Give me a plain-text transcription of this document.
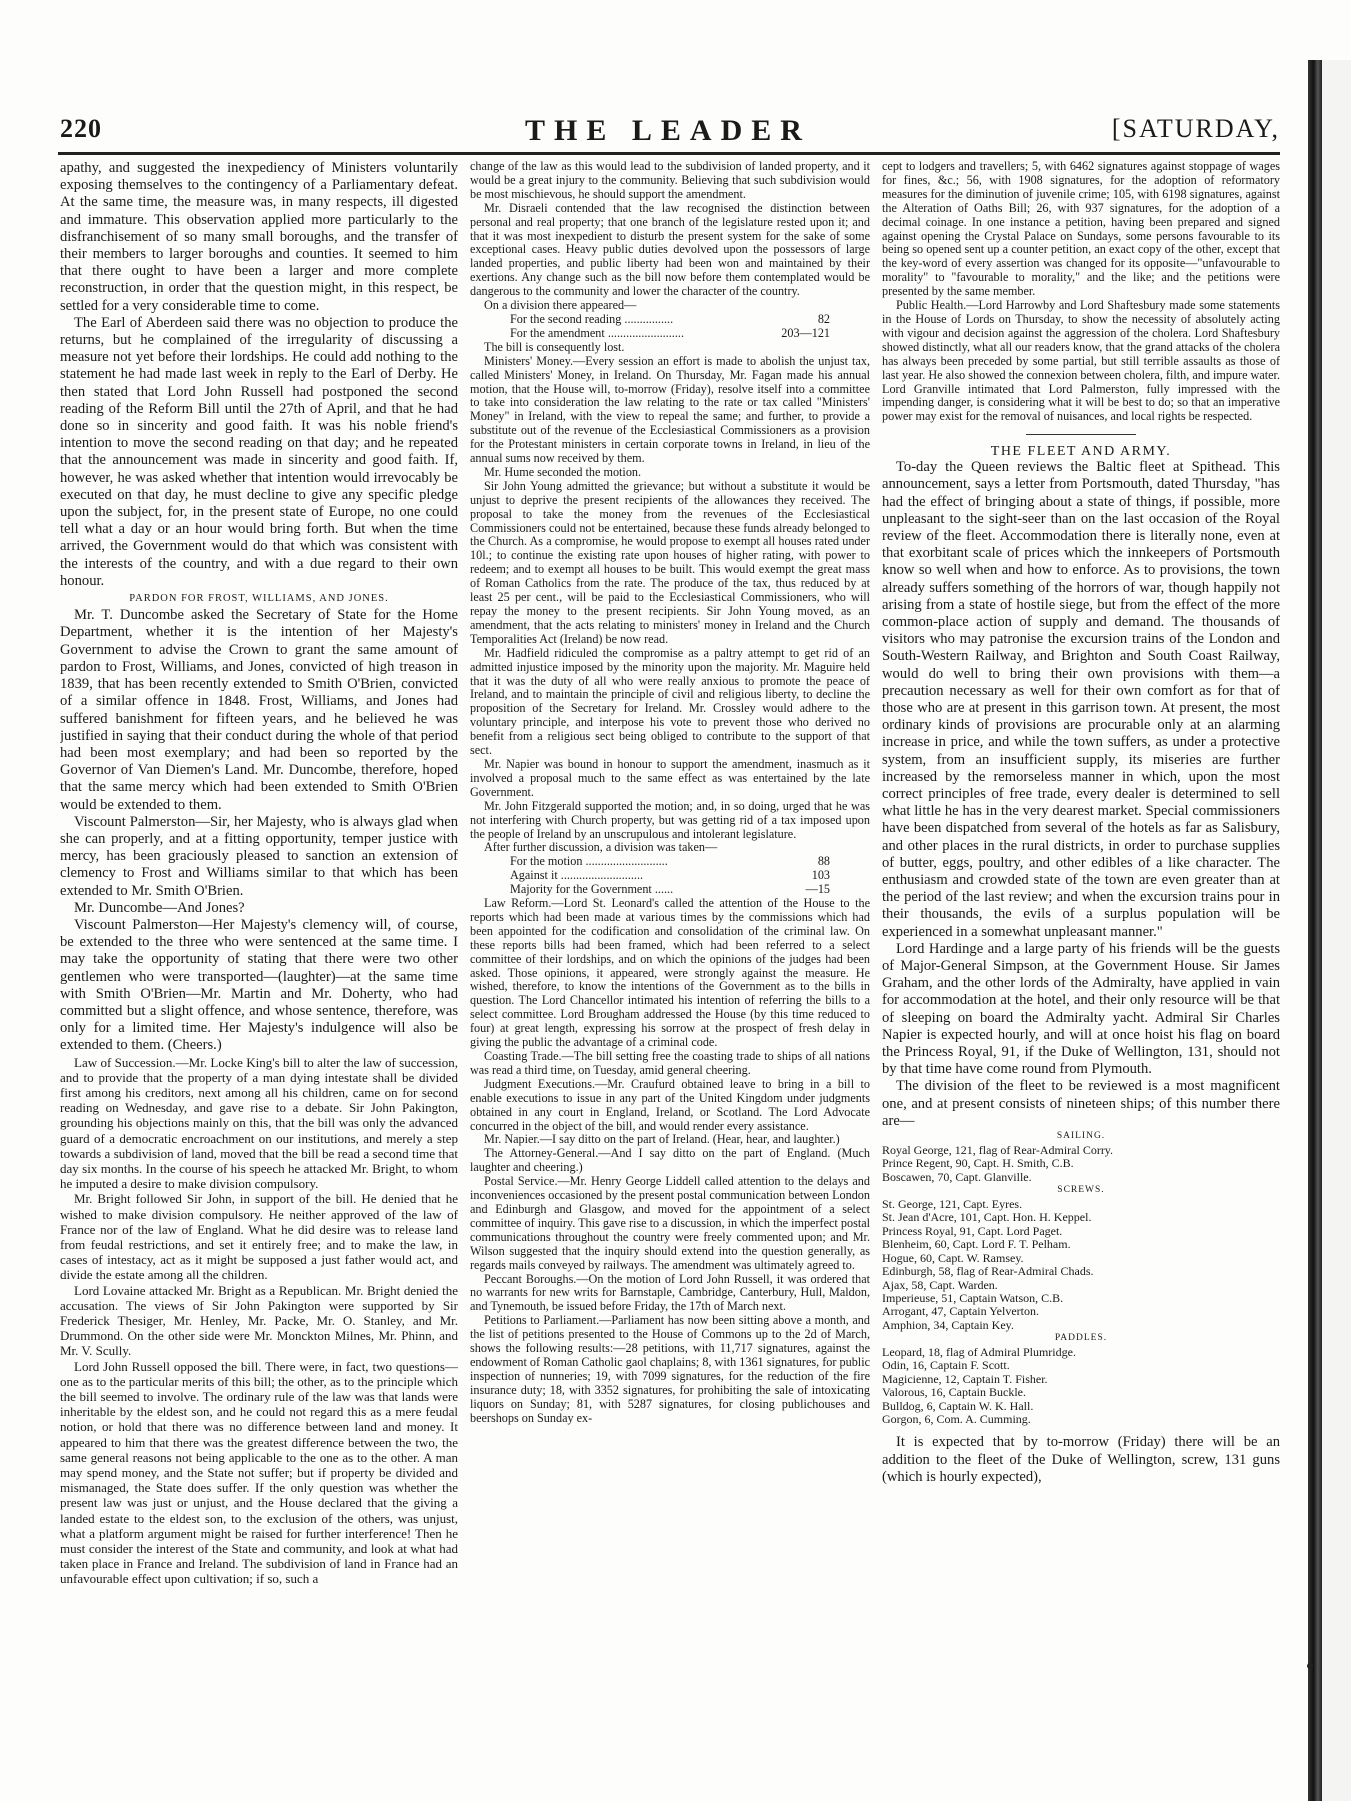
220	THE LEADER	[SATURDAY,

apathy, and suggested the inexpediency of Ministers voluntarily exposing themselves to the contingency of a Parliamentary defeat. At the same time, the measure was, in many respects, ill digested and immature. This observation applied more particularly to the disfranchisement of so many small boroughs, and the transfer of their members to larger boroughs and counties. It seemed to him that there ought to have been a larger and more complete reconstruction, in order that the question might, in this respect, be settled for a very considerable time to come.

The Earl of Aberdeen said there was no objection to produce the returns, but he complained of the irregularity of discussing a measure not yet before their lordships. He could add nothing to the statement he had made last week in reply to the Earl of Derby. He then stated that Lord John Russell had postponed the second reading of the Reform Bill until the 27th of April, and that he had done so in sincerity and good faith. It was his noble friend's intention to move the second reading on that day; and he repeated that the announcement was made in sincerity and good faith. If, however, he was asked whether that intention would irrevocably be executed on that day, he must decline to give any specific pledge upon the subject, for, in the present state of Europe, no one could tell what a day or an hour would bring forth. But when the time arrived, the Government would do that which was consistent with the interests of the country, and with a due regard to their own honour.

PARDON FOR FROST, WILLIAMS, AND JONES.

Mr. T. Duncombe asked the Secretary of State for the Home Department, whether it is the intention of her Majesty's Government to advise the Crown to grant the same amount of pardon to Frost, Williams, and Jones, convicted of high treason in 1839, that has been recently extended to Smith O'Brien, convicted of a similar offence in 1848. Frost, Williams, and Jones had suffered banishment for fifteen years, and he believed he was justified in saying that their conduct during the whole of that period had been most exemplary; and had been so reported by the Governor of Van Diemen's Land. Mr. Duncombe, therefore, hoped that the same mercy which had been extended to Smith O'Brien would be extended to them.

Viscount Palmerston—Sir, her Majesty, who is always glad when she can properly, and at a fitting opportunity, temper justice with mercy, has been graciously pleased to sanction an extension of clemency to Frost and Williams similar to that which has been extended to Mr. Smith O'Brien.

Mr. Duncombe—And Jones?

Viscount Palmerston—Her Majesty's clemency will, of course, be extended to the three who were sentenced at the same time. I may take the opportunity of stating that there were two other gentlemen who were transported—(laughter)—at the same time with Smith O'Brien—Mr. Martin and Mr. Doherty, who had committed but a slight offence, and whose sentence, therefore, was only for a limited time. Her Majesty's indulgence will also be extended to them. (Cheers.)

Law of Succession.—Mr. Locke King's bill to alter the law of succession, and to provide that the property of a man dying intestate shall be divided first among his creditors, next among all his children, came on for second reading on Wednesday, and gave rise to a debate. Sir John Pakington, grounding his objections mainly on this, that the bill was only the advanced guard of a democratic encroachment on our institutions, and merely a step towards a subdivision of land, moved that the bill be read a second time that day six months. In the course of his speech he attacked Mr. Bright, to whom he imputed a desire to make division compulsory.

Mr. Bright followed Sir John, in support of the bill. He denied that he wished to make division compulsory. He neither approved of the law of France nor of the law of England. What he did desire was to release land from feudal restrictions, and set it entirely free; and to make the law, in cases of intestacy, act as it might be supposed a just father would act, and divide the estate among all the children.

Lord Lovaine attacked Mr. Bright as a Republican. Mr. Bright denied the accusation. The views of Sir John Pakington were supported by Sir Frederick Thesiger, Mr. Henley, Mr. Packe, Mr. O. Stanley, and Mr. Drummond. On the other side were Mr. Monckton Milnes, Mr. Phinn, and Mr. V. Scully.

Lord John Russell opposed the bill. There were, in fact, two questions—one as to the particular merits of this bill; the other, as to the principle which the bill seemed to involve. The ordinary rule of the law was that lands were inheritable by the eldest son, and he could not regard this as a mere feudal notion, or hold that there was no difference between land and money. It appeared to him that there was the greatest difference between the two, the same general reasons not being applicable to the one as to the other. A man may spend money, and the State not suffer; but if property be divided and mismanaged, the State does suffer. If the only question was whether the present law was just or unjust, and the House declared that the giving a landed estate to the eldest son, to the exclusion of the others, was unjust, what a platform argument might be raised for further interference! Then he must consider the interest of the State and community, and look at what had taken place in France and Ireland. The subdivision of land in France had an unfavourable effect upon cultivation; if so, such a

change of the law as this would lead to the subdivision of landed property, and it would be a great injury to the community. Believing that such subdivision would be most mischievous, he should support the amendment.

Mr. Disraeli contended that the law recognised the distinction between personal and real property; that one branch of the legislature rested upon it; and that it was most inexpedient to disturb the present system for the sake of some exceptional cases. Heavy public duties devolved upon the possessors of large landed properties, and public liberty had been won and maintained by their exertions. Any change such as the bill now before them contemplated would be dangerous to the community and lower the character of the country.

On a division there appeared—

For the second reading ................	82
For the amendment .........................	203—121

The bill is consequently lost.

Ministers' Money.—Every session an effort is made to abolish the unjust tax, called Ministers' Money, in Ireland. On Thursday, Mr. Fagan made his annual motion, that the House will, to-morrow (Friday), resolve itself into a committee to take into consideration the law relating to the rate or tax called "Ministers' Money" in Ireland, with the view to repeal the same; and further, to provide a substitute out of the revenue of the Ecclesiastical Commissioners as a provision for the Protestant ministers in certain corporate towns in Ireland, in lieu of the annual sums now received by them.

Mr. Hume seconded the motion.

Sir John Young admitted the grievance; but without a substitute it would be unjust to deprive the present recipients of the allowances they received. The proposal to take the money from the revenues of the Ecclesiastical Commissioners could not be entertained, because these funds already belonged to the Church. As a compromise, he would propose to exempt all houses rated under 10l.; to continue the existing rate upon houses of higher rating, with power to redeem; and to exempt all houses to be built. This would exempt the great mass of Roman Catholics from the rate. The produce of the tax, thus reduced by at least 25 per cent., will be paid to the Ecclesiastical Commissioners, who will repay the money to the present recipients. Sir John Young moved, as an amendment, that the acts relating to ministers' money in Ireland and the Church Temporalities Act (Ireland) be now read.

Mr. Hadfield ridiculed the compromise as a paltry attempt to get rid of an admitted injustice imposed by the minority upon the majority. Mr. Maguire held that it was the duty of all who were really anxious to promote the peace of Ireland, and to maintain the principle of civil and religious liberty, to decline the proposition of the Secretary for Ireland. Mr. Crossley would adhere to the voluntary principle, and interpose his vote to prevent those who derived no benefit from a religious sect being obliged to contribute to the support of that sect.

Mr. Napier was bound in honour to support the amendment, inasmuch as it involved a proposal much to the same effect as was entertained by the late Government.

Mr. John Fitzgerald supported the motion; and, in so doing, urged that he was not interfering with Church property, but was getting rid of a tax imposed upon the people of Ireland by an unscrupulous and intolerant legislature.

After further discussion, a division was taken—

For the motion ...........................	88
Against it ...........................	103
Majority for the Government ......	—15

Law Reform.—Lord St. Leonard's called the attention of the House to the reports which had been made at various times by the commissions which had been appointed for the codification and consolidation of the criminal law. On these reports bills had been framed, which had been referred to a select committee of their lordships, and on which the opinions of the judges had been asked. Those opinions, it appeared, were strongly against the measure. He wished, therefore, to know the intentions of the Government as to the bills in question. The Lord Chancellor intimated his intention of referring the bills to a select committee. Lord Brougham addressed the House (by this time reduced to four) at great length, expressing his sorrow at the prospect of fresh delay in giving the public the advantage of a criminal code.

Coasting Trade.—The bill setting free the coasting trade to ships of all nations was read a third time, on Tuesday, amid general cheering.

Judgment Executions.—Mr. Craufurd obtained leave to bring in a bill to enable executions to issue in any part of the United Kingdom under judgments obtained in any court in England, Ireland, or Scotland. The Lord Advocate concurred in the object of the bill, and would render every assistance.

Mr. Napier.—I say ditto on the part of Ireland. (Hear, hear, and laughter.)

The Attorney-General.—And I say ditto on the part of England. (Much laughter and cheering.)

Postal Service.—Mr. Henry George Liddell called attention to the delays and inconveniences occasioned by the present postal communication between London and Edinburgh and Glasgow, and moved for the appointment of a select committee of inquiry. This gave rise to a discussion, in which the imperfect postal communications throughout the country were freely commented upon; and Mr. Wilson suggested that the inquiry should extend into the question generally, as regards mails conveyed by railways. The amendment was ultimately agreed to.

Peccant Boroughs.—On the motion of Lord John Russell, it was ordered that no warrants for new writs for Barnstaple, Cambridge, Canterbury, Hull, Maldon, and Tynemouth, be issued before Friday, the 17th of March next.

Petitions to Parliament.—Parliament has now been sitting above a month, and the list of petitions presented to the House of Commons up to the 2d of March, shows the following results:—28 petitions, with 11,717 signatures, against the endowment of Roman Catholic gaol chaplains; 8, with 1361 signatures, for public inspection of nunneries; 19, with 7099 signatures, for the reduction of the fire insurance duty; 18, with 3352 signatures, for prohibiting the sale of intoxicating liquors on Sunday; 81, with 5287 signatures, for closing publichouses and beershops on Sunday ex-

cept to lodgers and travellers; 5, with 6462 signatures against stoppage of wages for fines, &c.; 56, with 1908 signatures, for the adoption of reformatory measures for the diminution of juvenile crime; 105, with 6198 signatures, against the Alteration of Oaths Bill; 26, with 937 signatures, for the adoption of a decimal coinage. In one instance a petition, having been prepared and signed against opening the Crystal Palace on Sundays, some persons favourable to its being so opened sent up a counter petition, an exact copy of the other, except that the key-word of every assertion was changed for its opposite—"unfavourable to morality" to "favourable to morality," and the like; and the petitions were presented by the same member.

Public Health.—Lord Harrowby and Lord Shaftesbury made some statements in the House of Lords on Thursday, to show the necessity of absolutely acting with vigour and decision against the aggression of the cholera. Lord Shaftesbury showed distinctly, what all our readers know, that the grand attacks of the cholera has always been preceded by some partial, but still terrible assaults as those of last year. He also showed the connexion between cholera, filth, and impure water. Lord Granville intimated that Lord Palmerston, fully impressed with the impending danger, is considering what it will be best to do; so that an imperative power may exist for the removal of nuisances, and local rights be respected.

THE FLEET AND ARMY.

To-day the Queen reviews the Baltic fleet at Spithead. This announcement, says a letter from Portsmouth, dated Thursday, "has had the effect of bringing about a state of things, if possible, more unpleasant to the sight-seer than on the last occasion of the Royal review of the fleet. Accommodation there is literally none, even at that exorbitant scale of prices which the innkeepers of Portsmouth know so well when and how to enforce. As to provisions, the town already suffers something of the horrors of war, though happily not arising from a state of hostile siege, but from the effect of the more common-place action of supply and demand. The thousands of visitors who may patronise the excursion trains of the London and South-Western Railway, and Brighton and South Coast Railway, would do well to bring their own provisions with them—a precaution necessary as well for their own comfort as for that of those who are at present in this garrison town. At present, the most ordinary kinds of provisions are procurable only at an alarming increase in price, and while the town suffers, as under a protective system, from an insufficient supply, its miseries are further increased by the remorseless manner in which, upon the most correct principles of free trade, every dealer is determined to sell what little he has in the very dearest market. Special commissioners have been dispatched from several of the hotels as far as Salisbury, and other places in the rural districts, in order to purchase supplies of butter, eggs, poultry, and other edibles of a like character. The enthusiasm and crowded state of the town are even greater than at the period of the last review; and when the excursion trains pour in their thousands, the evils of a surplus population will be experienced in a somewhat unpleasant manner."

Lord Hardinge and a large party of his friends will be the guests of Major-General Simpson, at the Government House. Sir James Graham, and the other lords of the Admiralty, have applied in vain for accommodation at the hotel, and their only resource will be that of sleeping on board the Admiralty yacht. Admiral Sir Charles Napier is expected hourly, and will at once hoist his flag on board the Princess Royal, 91, if the Duke of Wellington, 131, should not by that time have come round from Plymouth.

The division of the fleet to be reviewed is a most magnificent one, and at present consists of nineteen ships; of this number there are—

SAILING.

Royal George, 121, flag of Rear-Admiral Corry.

Prince Regent, 90, Capt. H. Smith, C.B.

Boscawen, 70, Capt. Glanville.

SCREWS.

St. George, 121, Capt. Eyres.

St. Jean d'Acre, 101, Capt. Hon. H. Keppel.

Princess Royal, 91, Capt. Lord Paget.

Blenheim, 60, Capt. Lord F. T. Pelham.

Hogue, 60, Capt. W. Ramsey.

Edinburgh, 58, flag of Rear-Admiral Chads.

Ajax, 58, Capt. Warden.

Imperieuse, 51, Captain Watson, C.B.

Arrogant, 47, Captain Yelverton.

Amphion, 34, Captain Key.

PADDLES.

Leopard, 18, flag of Admiral Plumridge.

Odin, 16, Captain F. Scott.

Magicienne, 12, Captain T. Fisher.

Valorous, 16, Captain Buckle.

Bulldog, 6, Captain W. K. Hall.

Gorgon, 6, Com. A. Cumming.

It is expected that by to-morrow (Friday) there will be an addition to the fleet of the Duke of Wellington, screw, 131 guns (which is hourly expected),
